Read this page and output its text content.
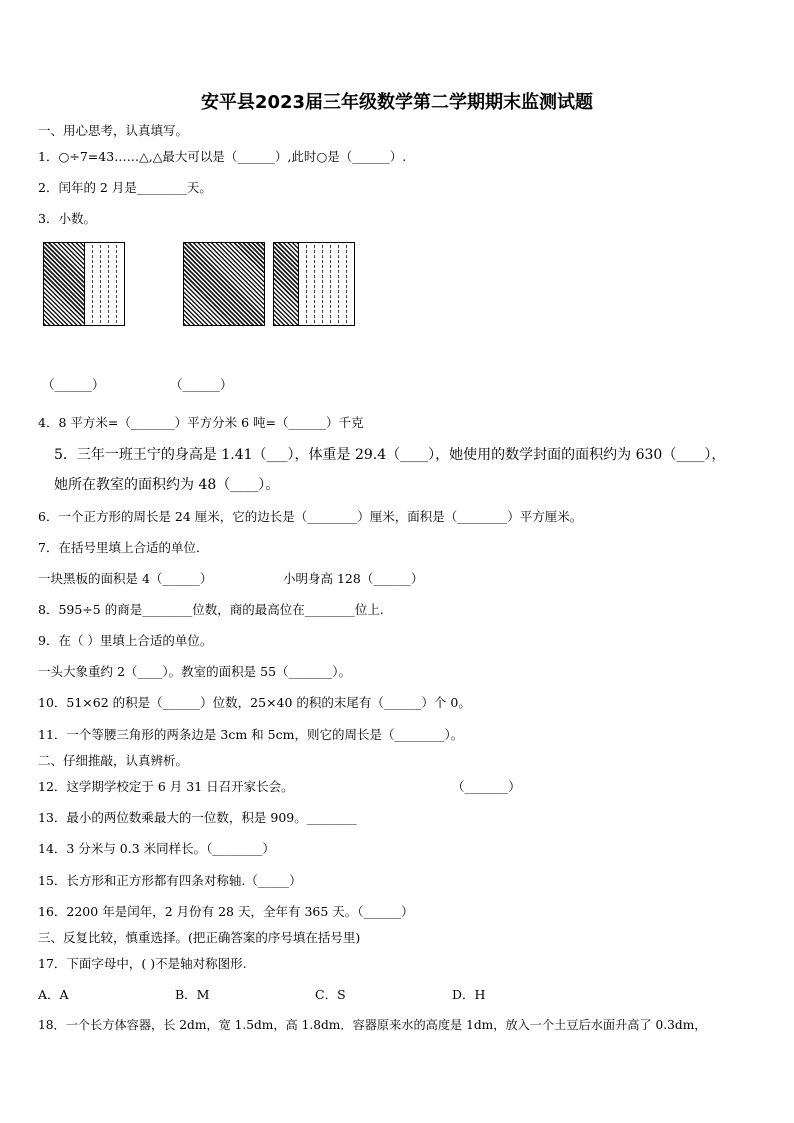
安平县2023届三年级数学第二学期期末监测试题
一、用心思考，认真填写。
1．○÷7=43……△,△最大可以是（______）,此时○是（______）.
2．闰年的 2 月是________天。
3．小数。
（______）	（______）
4．8 平方米=（_______）平方分米 6 吨=（______）千克
5．三年一班王宁的身高是 1.41（___），体重是 29.4（____），她使用的数学封面的面积约为 630（____），
她所在教室的面积约为 48（____）。
6．一个正方形的周长是 24 厘米，它的边长是（________）厘米，面积是（________）平方厘米。
7．在括号里填上合适的单位．
一块黑板的面积是 4（______）	小明身高 128（______）
8．595÷5 的商是________位数，商的最高位在________位上.
9．在（ ）里填上合适的单位。
一头大象重约 2（____）。教室的面积是 55（_______）。
10．51×62 的积是（______）位数，25×40 的积的末尾有（______）个 0。
11．一个等腰三角形的两条边是 3cm 和 5cm，则它的周长是（________）。
二、仔细推敲，认真辨析。
12．这学期学校定于 6 月 31 日召开家长会。	（_______）
13．最小的两位数乘最大的一位数，积是 909。________
14．3 分米与 0.3 米同样长。（________）
15．长方形和正方形都有四条对称轴.（_____）
16．2200 年是闰年，2 月份有 28 天，全年有 365 天。（______）
三、反复比较，慎重选择。(把正确答案的序号填在括号里)
17．下面字母中，( )不是轴对称图形.
A．A	B．M	C．S	D．H
18．一个长方体容器，长 2dm，宽 1.5dm，高 1.8dm．容器原来水的高度是 1dm，放入一个土豆后水面升高了 0.3dm，
